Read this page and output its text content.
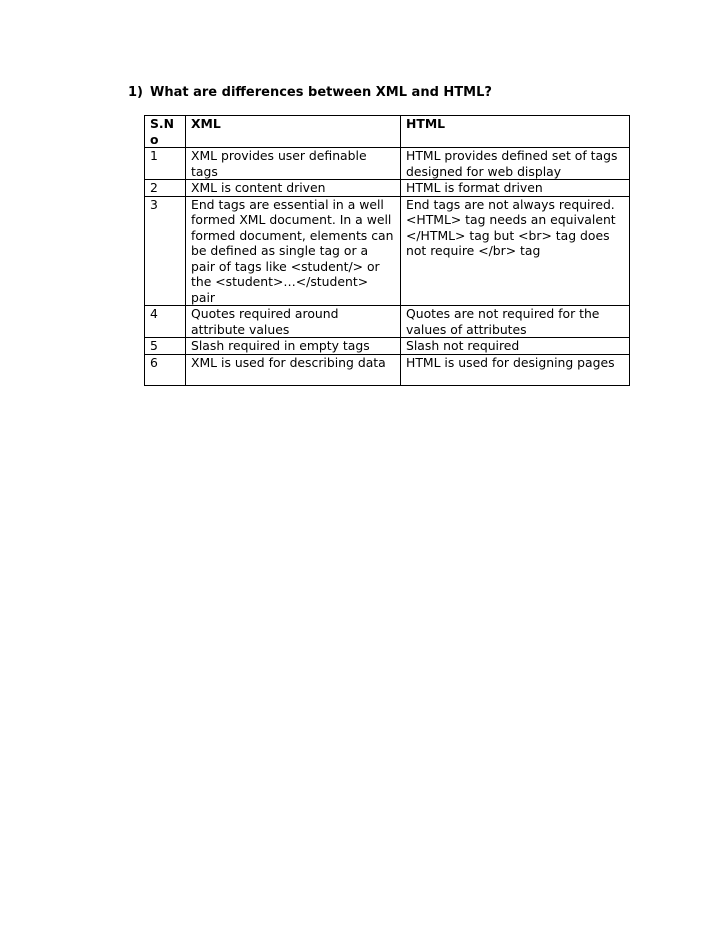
1) What are differences between XML and HTML?
S.No	XML	HTML
1	XML provides user definable tags	HTML provides defined set of tags designed for web display
2	XML is content driven	HTML is format driven
3	End tags are essential in a well formed XML document. In a well formed document, elements can be defined as single tag or a pair of tags like <student/> or the <student>…</student> pair	End tags are not always required.<HTML> tag needs an equivalent </HTML> tag but <br> tag does not require </br> tag
4	Quotes required around attribute values	Quotes are not required for the values of attributes
5	Slash required in empty tags	Slash not required
6	XML is used for describing data	HTML is used for designing pages
